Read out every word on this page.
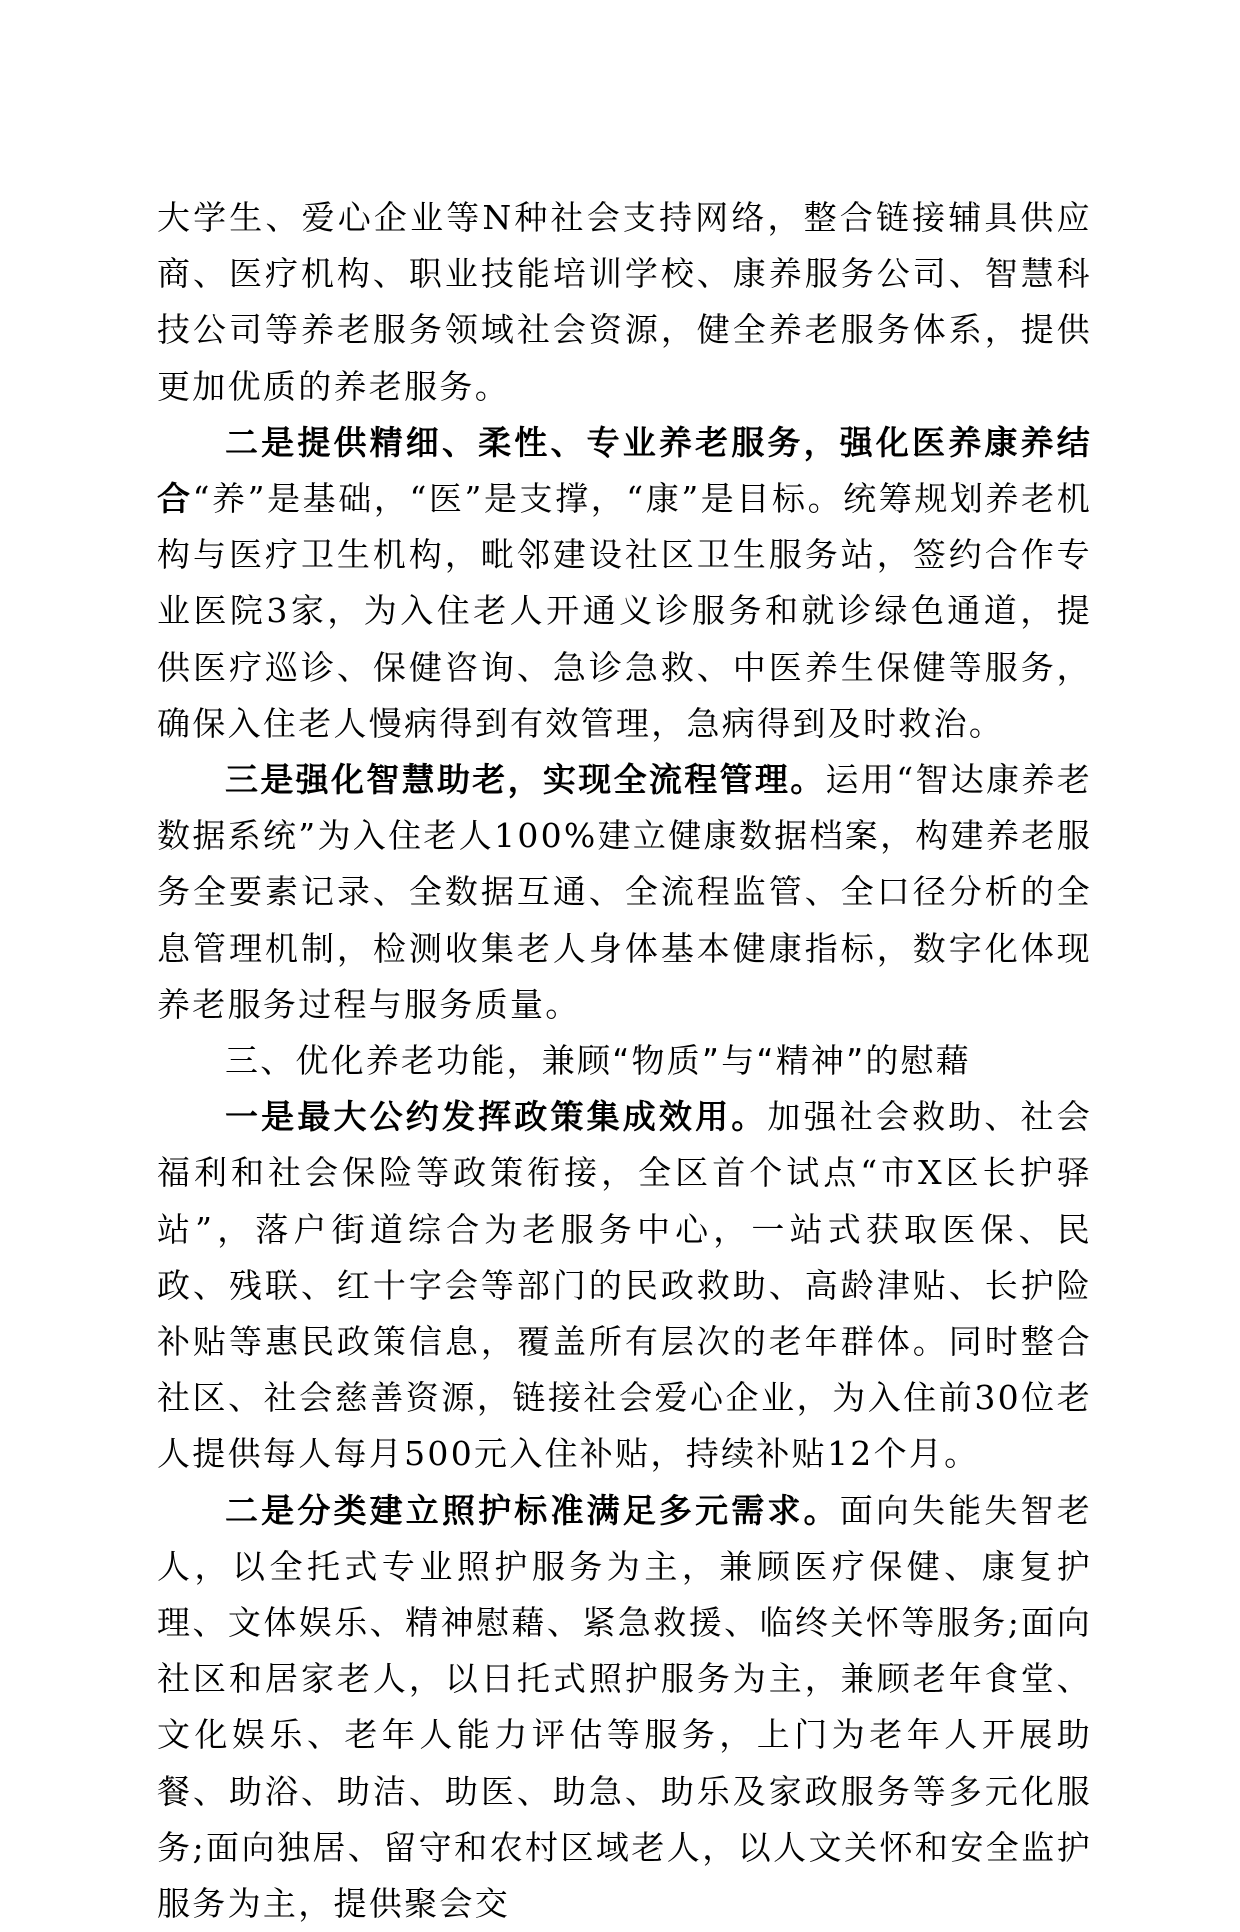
大学生、爱心企业等N种社会支持网络，整合链接辅具供应商、医疗机构、职业技能培训学校、康养服务公司、智慧科技公司等养老服务领域社会资源，健全养老服务体系，提供更加优质的养老服务。

二是提供精细、柔性、专业养老服务，强化医养康养结合“养”是基础，“医”是支撑，“康”是目标。统筹规划养老机构与医疗卫生机构，毗邻建设社区卫生服务站，签约合作专业医院3家，为入住老人开通义诊服务和就诊绿色通道，提供医疗巡诊、保健咨询、急诊急救、中医养生保健等服务，确保入住老人慢病得到有效管理，急病得到及时救治。

三是强化智慧助老，实现全流程管理。运用“智达康养老数据系统”为入住老人100%建立健康数据档案，构建养老服务全要素记录、全数据互通、全流程监管、全口径分析的全息管理机制，检测收集老人身体基本健康指标，数字化体现养老服务过程与服务质量。

三、优化养老功能，兼顾“物质”与“精神”的慰藉

一是最大公约发挥政策集成效用。加强社会救助、社会福利和社会保险等政策衔接，全区首个试点“市X区长护驿站”，落户街道综合为老服务中心，一站式获取医保、民政、残联、红十字会等部门的民政救助、高龄津贴、长护险补贴等惠民政策信息，覆盖所有层次的老年群体。同时整合社区、社会慈善资源，链接社会爱心企业，为入住前30位老人提供每人每月500元入住补贴，持续补贴12个月。

二是分类建立照护标准满足多元需求。面向失能失智老人，以全托式专业照护服务为主，兼顾医疗保健、康复护理、文体娱乐、精神慰藉、紧急救援、临终关怀等服务;面向社区和居家老人，以日托式照护服务为主，兼顾老年食堂、文化娱乐、老年人能力评估等服务，上门为老年人开展助餐、助浴、助洁、助医、助急、助乐及家政服务等多元化服务;面向独居、留守和农村区域老人，以人文关怀和安全监护服务为主，提供聚会交
